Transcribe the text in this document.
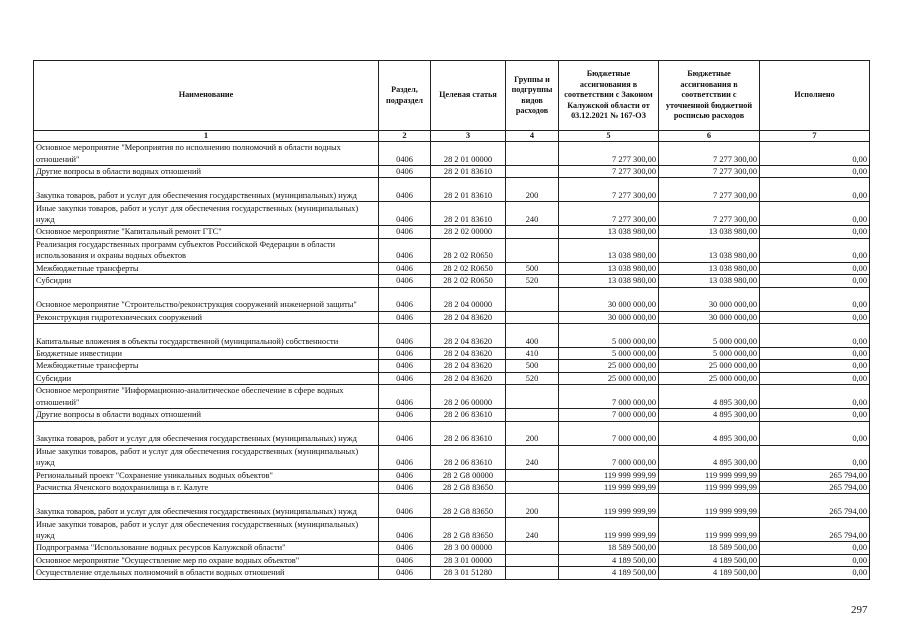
Наименование	Раздел, подраздел	Целевая статья	Группы и подгруппы видов расходов	Бюджетные ассигнования в соответствии с Законом Калужской области от 03.12.2021 № 167-ОЗ	Бюджетные ассигнования в соответствии с уточненной бюджетной росписью расходов	Исполнено
1	2	3	4	5	6	7
Основное мероприятие "Мероприятия по исполнению полномочий в области водных отношений"	0406	28 2 01 00000		7 277 300,00	7 277 300,00	0,00
Другие вопросы в области водных отношений	0406	28 2 01 83610		7 277 300,00	7 277 300,00	0,00
Закупка товаров, работ и услуг для обеспечения государственных (муниципальных) нужд	0406	28 2 01 83610	200	7 277 300,00	7 277 300,00	0,00
Иные закупки товаров, работ и услуг для обеспечения государственных (муниципальных) нужд	0406	28 2 01 83610	240	7 277 300,00	7 277 300,00	0,00
Основное мероприятие "Капитальный ремонт ГТС"	0406	28 2 02 00000		13 038 980,00	13 038 980,00	0,00
Реализация государственных программ субъектов Российской Федерации в области использования и охраны водных объектов	0406	28 2 02 R0650		13 038 980,00	13 038 980,00	0,00
Межбюджетные трансферты	0406	28 2 02 R0650	500	13 038 980,00	13 038 980,00	0,00
Субсидии	0406	28 2 02 R0650	520	13 038 980,00	13 038 980,00	0,00
Основное мероприятие "Строительство/реконструкция сооружений инженерной защиты"	0406	28 2 04 00000		30 000 000,00	30 000 000,00	0,00
Реконструкция гидротехнических сооружений	0406	28 2 04 83620		30 000 000,00	30 000 000,00	0,00
Капитальные вложения в объекты государственной (муниципальной) собственности	0406	28 2 04 83620	400	5 000 000,00	5 000 000,00	0,00
Бюджетные инвестиции	0406	28 2 04 83620	410	5 000 000,00	5 000 000,00	0,00
Межбюджетные трансферты	0406	28 2 04 83620	500	25 000 000,00	25 000 000,00	0,00
Субсидии	0406	28 2 04 83620	520	25 000 000,00	25 000 000,00	0,00
Основное мероприятие "Информационно-аналитическое обеспечение в сфере водных отношений"	0406	28 2 06 00000		7 000 000,00	4 895 300,00	0,00
Другие вопросы в области водных отношений	0406	28 2 06 83610		7 000 000,00	4 895 300,00	0,00
Закупка товаров, работ и услуг для обеспечения государственных (муниципальных) нужд	0406	28 2 06 83610	200	7 000 000,00	4 895 300,00	0,00
Иные закупки товаров, работ и услуг для обеспечения государственных (муниципальных) нужд	0406	28 2 06 83610	240	7 000 000,00	4 895 300,00	0,00
Региональный проект "Сохранение уникальных водных объектов"	0406	28 2 G8 00000		119 999 999,99	119 999 999,99	265 794,00
Расчистка Яченского водохранилища в г. Калуге	0406	28 2 G8 83650		119 999 999,99	119 999 999,99	265 794,00
Закупка товаров, работ и услуг для обеспечения государственных (муниципальных) нужд	0406	28 2 G8 83650	200	119 999 999,99	119 999 999,99	265 794,00
Иные закупки товаров, работ и услуг для обеспечения государственных (муниципальных) нужд	0406	28 2 G8 83650	240	119 999 999,99	119 999 999,99	265 794,00
Подпрограмма "Использование водных ресурсов Калужской области"	0406	28 3 00 00000		18 589 500,00	18 589 500,00	0,00
Основное мероприятие "Осуществление мер по охране водных объектов"	0406	28 3 01 00000		4 189 500,00	4 189 500,00	0,00
Осуществление отдельных полномочий в области водных отношений	0406	28 3 01 51280		4 189 500,00	4 189 500,00	0,00
297
